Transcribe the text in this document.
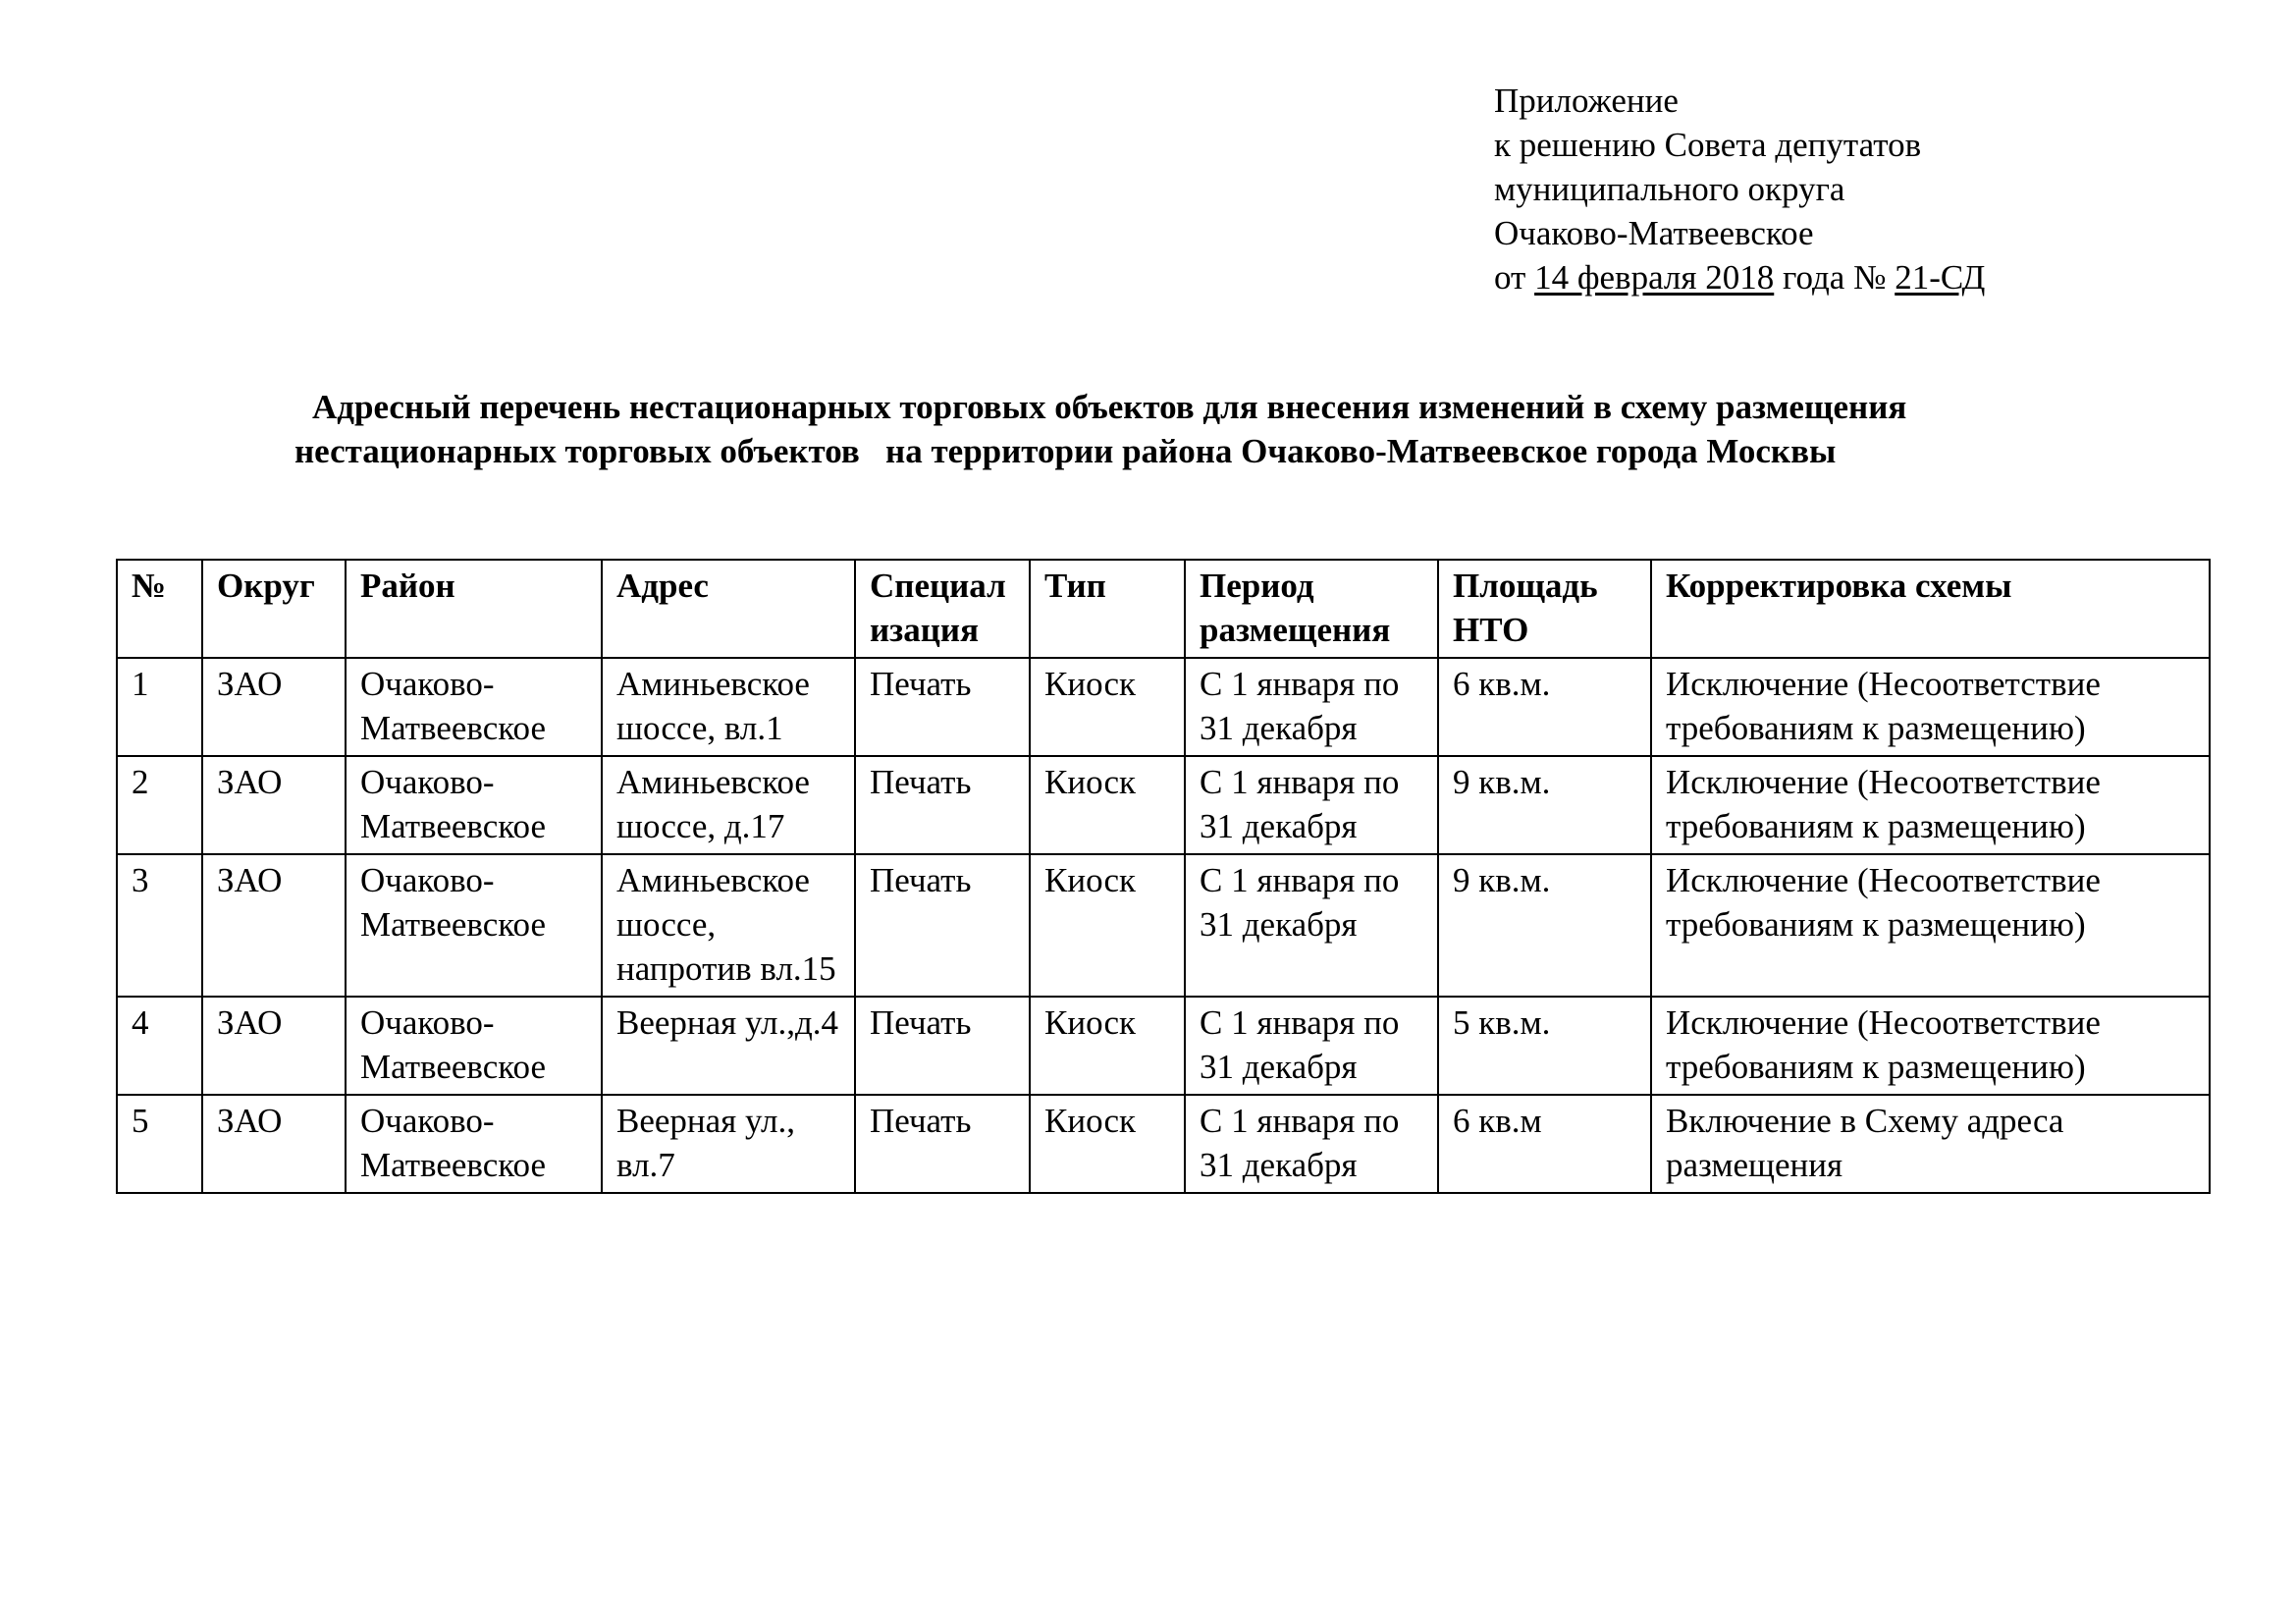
Приложение
к решению Совета депутатов
муниципального округа
Очаково-Матвеевское
от 14 февраля 2018 года № 21-СД
Адресный перечень нестационарных торговых объектов для внесения изменений в схему размещения
нестационарных торговых объектов   на территории района Очаково-Матвеевское города Москвы
№	Округ	Район	Адрес	Специализация	Тип	Период размещения	Площадь НТО	Корректировка схемы
1	ЗАО	Очаково-Матвеевское	Аминьевское шоссе, вл.1	Печать	Киоск	С 1 января по 31 декабря	6 кв.м.	Исключение (Несоответствие требованиям к размещению)
2	ЗАО	Очаково-Матвеевское	Аминьевское шоссе, д.17	Печать	Киоск	С 1 января по 31 декабря	9 кв.м.	Исключение (Несоответствие требованиям к размещению)
3	ЗАО	Очаково-Матвеевское	Аминьевское шоссе, напротив вл.15	Печать	Киоск	С 1 января по 31 декабря	9 кв.м.	Исключение (Несоответствие требованиям к размещению)
4	ЗАО	Очаково-Матвеевское	Веерная ул.,д.4	Печать	Киоск	С 1 января по 31 декабря	5 кв.м.	Исключение (Несоответствие требованиям к размещению)
5	ЗАО	Очаково-Матвеевское	Веерная ул., вл.7	Печать	Киоск	С 1 января по 31 декабря	6 кв.м	Включение в Схему адреса размещения
